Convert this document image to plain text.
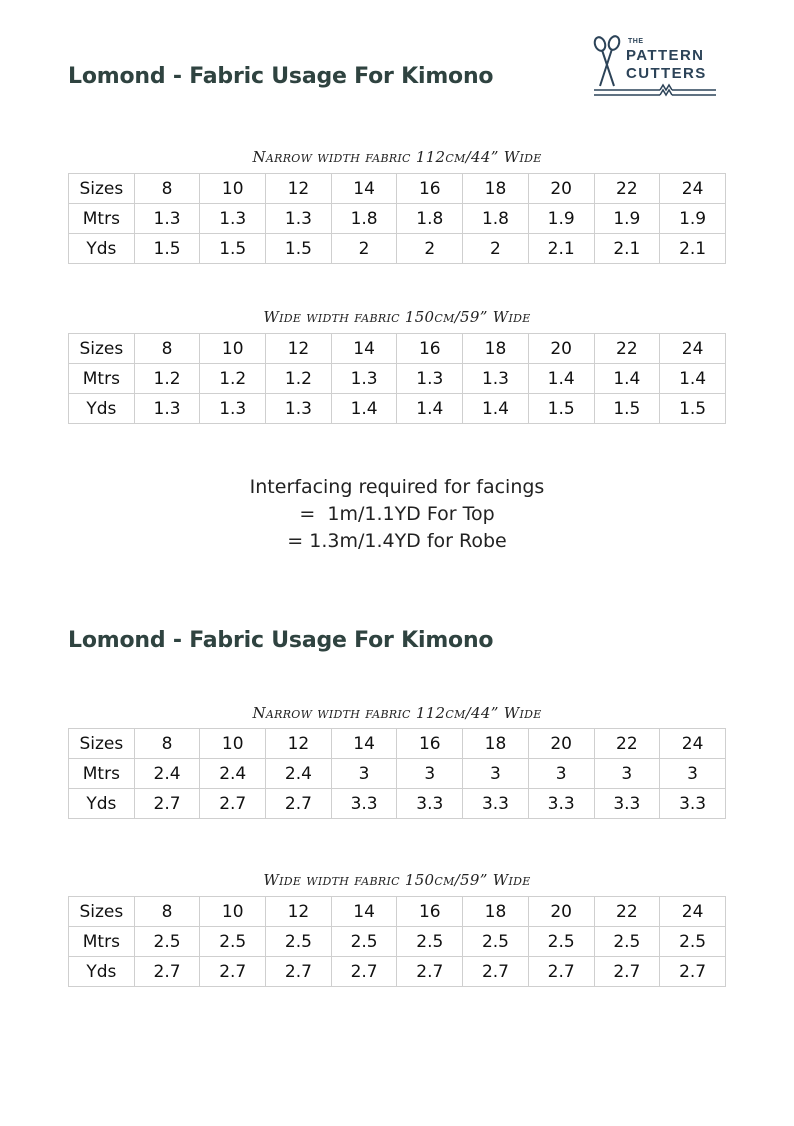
Lomond - Fabric Usage For Kimono
THE
PATTERN
CUTTERS

Narrow width fabric 112cm/44” Wide

Sizes	8	10	12	14	16	18	20	22	24
Mtrs	1.3	1.3	1.3	1.8	1.8	1.8	1.9	1.9	1.9
Yds	1.5	1.5	1.5	2	2	2	2.1	2.1	2.1

Wide width fabric 150cm/59” Wide

Sizes	8	10	12	14	16	18	20	22	24
Mtrs	1.2	1.2	1.2	1.3	1.3	1.3	1.4	1.4	1.4
Yds	1.3	1.3	1.3	1.4	1.4	1.4	1.5	1.5	1.5
Interfacing required for facings
=  1m/1.1YD For Top
= 1.3m/1.4YD for Robe
Lomond - Fabric Usage For Kimono

Narrow width fabric 112cm/44” Wide

Sizes	8	10	12	14	16	18	20	22	24
Mtrs	2.4	2.4	2.4	3	3	3	3	3	3
Yds	2.7	2.7	2.7	3.3	3.3	3.3	3.3	3.3	3.3

Wide width fabric 150cm/59” Wide

Sizes	8	10	12	14	16	18	20	22	24
Mtrs	2.5	2.5	2.5	2.5	2.5	2.5	2.5	2.5	2.5
Yds	2.7	2.7	2.7	2.7	2.7	2.7	2.7	2.7	2.7
